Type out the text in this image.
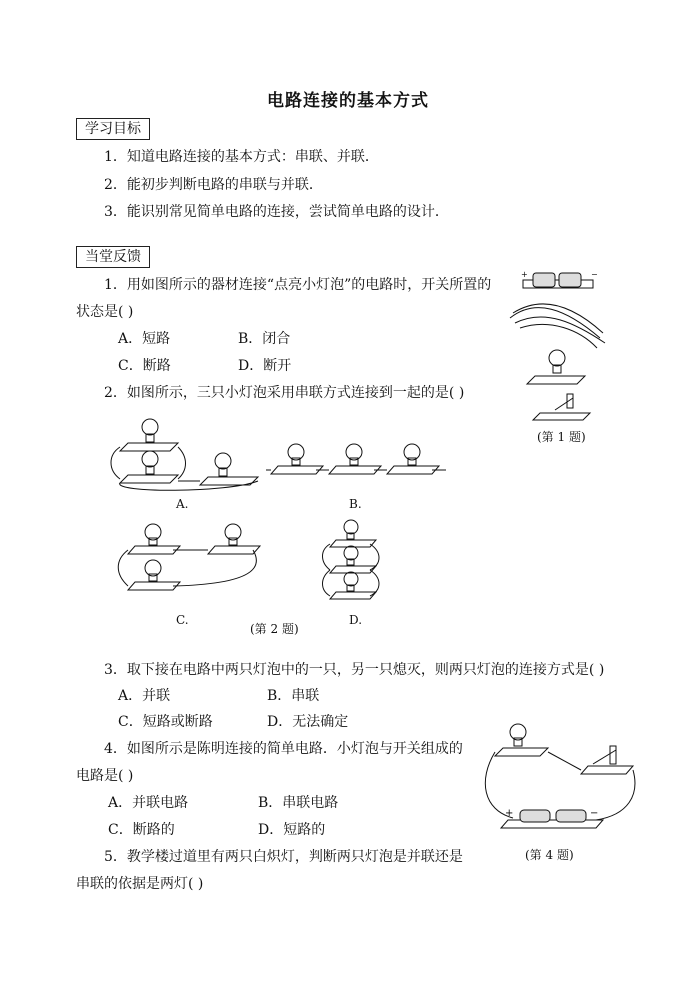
电路连接的基本方式
学习目标
1．知道电路连接的基本方式：串联、并联．
2．能初步判断电路的串联与并联．
3．能识别常见简单电路的连接，尝试简单电路的设计．
当堂反馈
1．用如图所示的器材连接“点亮小灯泡”的电路时，开关所置的
状态是( )
A．短路	B．闭合
C．断路	D．断开
+	−
(第 1 题)
2．如图所示，三只小灯泡采用串联方式连接到一起的是( )
A.	B.
C.	D.
(第 2 题)
3．取下接在电路中两只灯泡中的一只，另一只熄灭，则两只灯泡的连接方式是( )
A．并联	B．串联
C．短路或断路	D．无法确定
4．如图所示是陈明连接的简单电路．小灯泡与开关组成的
电路是( )
A．并联电路	B．串联电路
C．断路的	D．短路的
+	−
(第 4 题)
5．教学楼过道里有两只白炽灯，判断两只灯泡是并联还是
串联的依据是两灯( )
